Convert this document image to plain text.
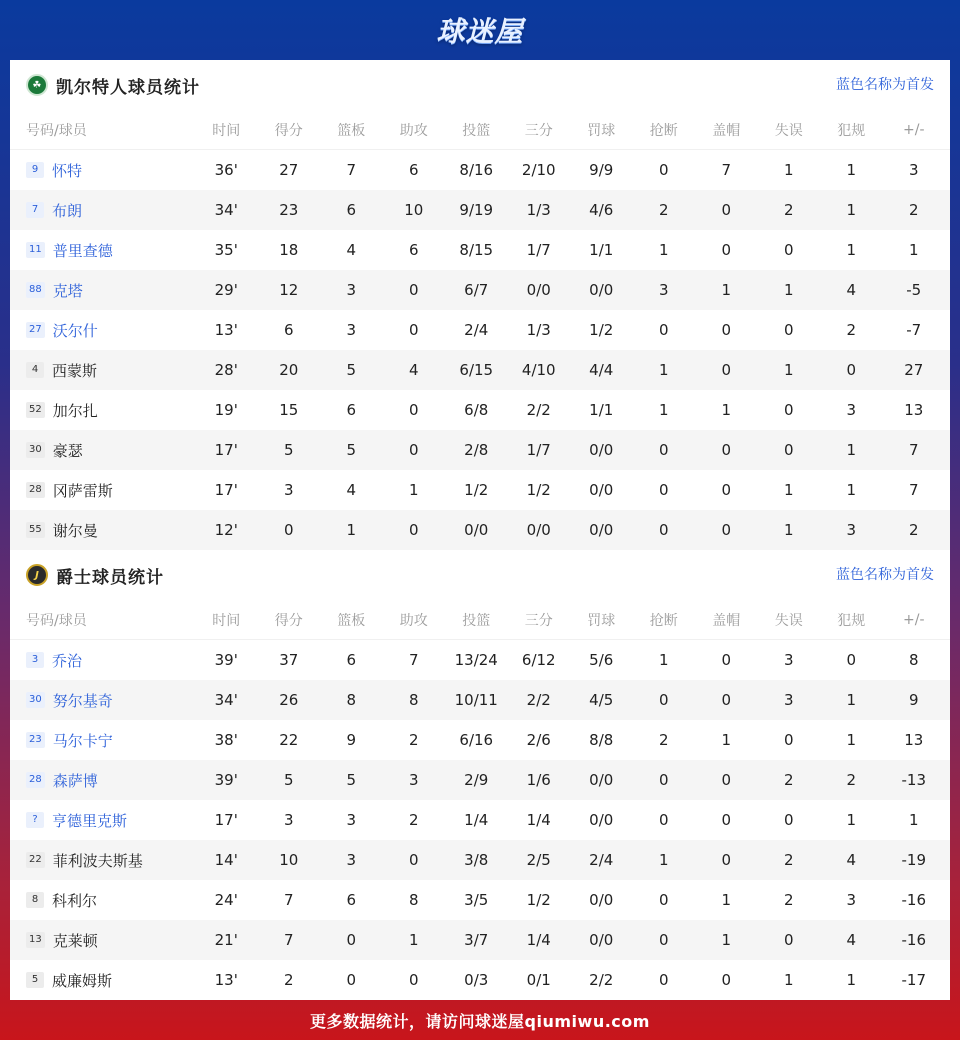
球迷屋
☘ 凯尔特人球员统计	蓝色名称为首发
号码/球员	时间	得分	篮板	助攻	投篮	三分	罚球	抢断	盖帽	失误	犯规	+/-
9 怀特	36'	27	7	6	8/16	2/10	9/9	0	7	1	1	3
7 布朗	34'	23	6	10	9/19	1/3	4/6	2	0	2	1	2
11 普里查德	35'	18	4	6	8/15	1/7	1/1	1	0	0	1	1
88 克塔	29'	12	3	0	6/7	0/0	0/0	3	1	1	4	-5
27 沃尔什	13'	6	3	0	2/4	1/3	1/2	0	0	0	2	-7
4 西蒙斯	28'	20	5	4	6/15	4/10	4/4	1	0	1	0	27
52 加尔扎	19'	15	6	0	6/8	2/2	1/1	1	1	0	3	13
30 豪瑟	17'	5	5	0	2/8	1/7	0/0	0	0	0	1	7
28 冈萨雷斯	17'	3	4	1	1/2	1/2	0/0	0	0	1	1	7
55 谢尔曼	12'	0	1	0	0/0	0/0	0/0	0	0	1	3	2
J	爵士球员统计	蓝色名称为首发
号码/球员	时间	得分	篮板	助攻	投篮	三分	罚球	抢断	盖帽	失误	犯规	+/-
3 乔治	39'	37	6	7	13/24	6/12	5/6	1	0	3	0	8
30 努尔基奇	34'	26	8	8	10/11	2/2	4/5	0	0	3	1	9
23 马尔卡宁	38'	22	9	2	6/16	2/6	8/8	2	1	0	1	13
28 森萨博	39'	5	5	3	2/9	1/6	0/0	0	0	2	2	-13
? 亨德里克斯	17'	3	3	2	1/4	1/4	0/0	0	0	0	1	1
22 菲利波夫斯基	14'	10	3	0	3/8	2/5	2/4	1	0	2	4	-19
8 科利尔	24'	7	6	8	3/5	1/2	0/0	0	1	2	3	-16
13 克莱顿	21'	7	0	1	3/7	1/4	0/0	0	1	0	4	-16
5 威廉姆斯	13'	2	0	0	0/3	0/1	2/2	0	0	1	1	-17
更多数据统计，请访问球迷屋qiumiwu.com
